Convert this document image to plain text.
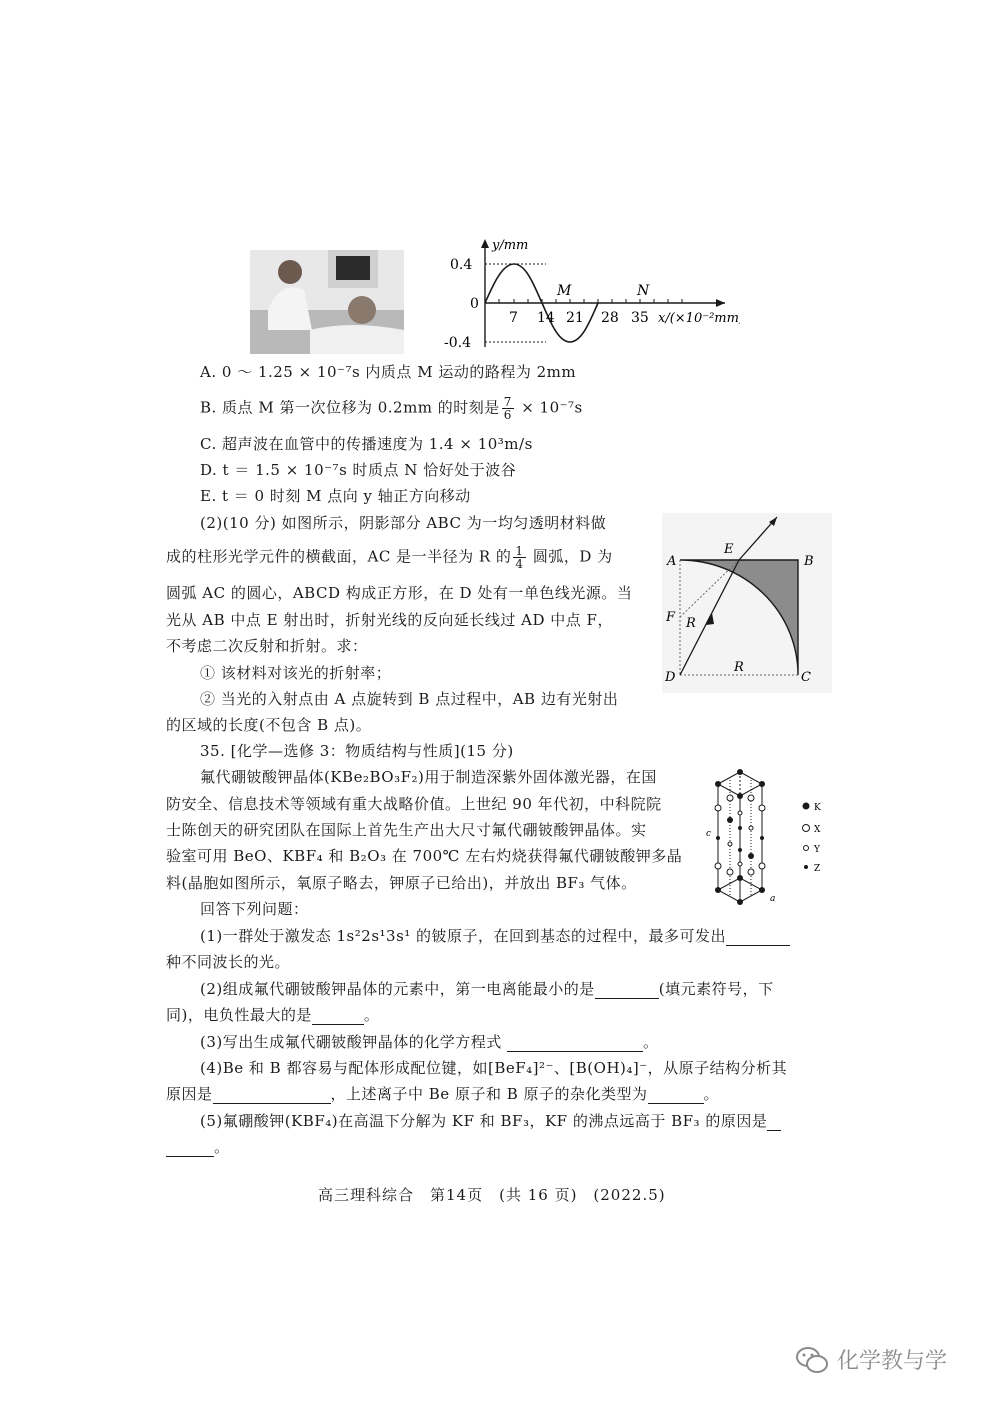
y/mm
0.4
0
-0.4
7 14 21 28 35 x/(×10⁻²mm)
M	N
A. 0 ～ 1.25 × 10⁻⁷s 内质点 M 运动的路程为 2mm
B. 质点 M 第一次位移为 0.2mm 的时刻是 $\frac{7}{6} \times 10^{-7}s$
C. 超声波在血管中的传播速度为 1.4 × 10³m/s
D. t ＝ 1.5 × 10⁻⁷s 时质点 N 恰好处于波谷
E. t ＝ 0 时刻 M 点向 y 轴正方向移动
(2)(10 分) 如图所示，阴影部分 ABC 为一均匀透明材料做
成的柱形光学元件的横截面，AC 是一半径为 R 的 $\frac{1}{4}$ 圆弧，D 为
圆弧 AC 的圆心，ABCD 构成正方形，在 D 处有一单色线光源。当
光从 AB 中点 E 射出时，折射光线的反向延长线过 AD 中点 F，
不考虑二次反射和折射。求：
① 该材料对该光的折射率；
② 当光的入射点由 A 点旋转到 B 点过程中，AB 边有光射出
的区域的长度(不包含 B 点)。
A	B
C
D
E
F R
R
35. [化学—选修 3：物质结构与性质](15 分)
氟代硼铍酸钾晶体(KBe₂BO₃F₂)用于制造深紫外固体激光器，在国
防安全、信息技术等领域有重大战略价值。上世纪 90 年代初，中科院院
士陈创天的研究团队在国际上首先生产出大尺寸氟代硼铍酸钾晶体。实
验室可用 BeO、KBF₄ 和 B₂O₃ 在 700℃ 左右灼烧获得氟代硼铍酸钾多晶
料(晶胞如图所示，氧原子略去，钾原子已给出)，并放出 BF₃ 气体。
c
a
K
X
Y
Z
回答下列问题：
(1)一群处于激发态 1s²2s¹3s¹ 的铍原子，在回到基态的过程中，最多可发出
种不同波长的光。
(2)组成氟代硼铍酸钾晶体的元素中，第一电离能最小的是	(填元素符号，下
同)，电负性最大的是	。
(3)写出生成氟代硼铍酸钾晶体的化学方程式	。
(4)Be 和 B 都容易与配体形成配位键，如[BeF₄]²⁻、[B(OH)₄]⁻，从原子结构分析其
原因是	，上述离子中 Be 原子和 B 原子的杂化类型为	。
(5)氟硼酸钾(KBF₄)在高温下分解为 KF 和 BF₃，KF 的沸点远高于 BF₃ 的原因是
。
高三理科综合　第14页　(共 16 页)　(2022.5)
化学教与学
